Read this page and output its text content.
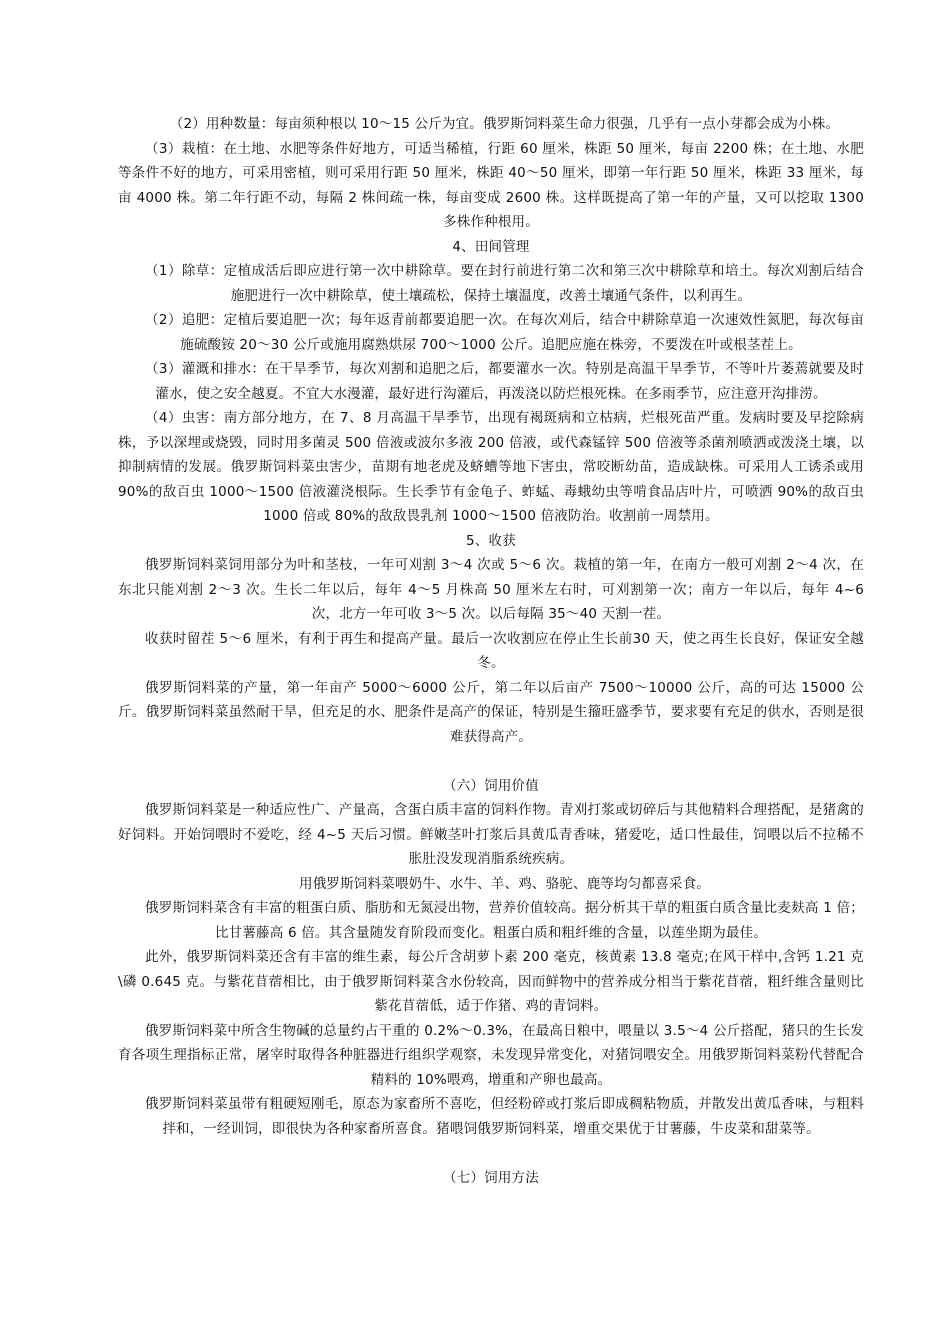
（2）用种数量：每亩须种根以 10～15 公斤为宜。俄罗斯饲料菜生命力很强，几乎有一点小芽都会成为小株。

（3）栽植：在土地、水肥等条件好地方，可适当稀植，行距 60 厘米，株距 50 厘米，每亩 2200 株；在土地、水肥等条件不好的地方，可采用密植，则可采用行距 50 厘米，株距 40～50 厘米，即第一年行距 50 厘米，株距 33 厘米，每亩 4000 株。第二年行距不动，每隔 2 株间疏一株，每亩变成 2600 株。这样既提高了第一年的产量，又可以挖取 1300 多株作种根用。

4、田间管理

（1）除草：定植成活后即应进行第一次中耕除草。要在封行前进行第二次和第三次中耕除草和培土。每次刈割后结合施肥进行一次中耕除草，使土壤疏松，保持土壤温度，改善土壤通气条件，以利再生。

（2）追肥：定植后要追肥一次；每年返青前都要追肥一次。在每次刈后，结合中耕除草追一次速效性氮肥，每次每亩施硫酸铵 20～30 公斤或施用腐熟烘尿 700～1000 公斤。追肥应施在株旁，不要泼在叶或根茎茬上。

（3）灌溉和排水：在干旱季节，每次刈割和追肥之后，都要灌水一次。特别是高温干旱季节，不等叶片萎蔫就要及时灌水，使之安全越夏。不宜大水漫灌，最好进行沟灌后，再泼浇以防烂根死株。在多雨季节，应注意开沟排涝。

（4）虫害：南方部分地方，在 7、8 月高温干旱季节，出现有褐斑病和立枯病，烂根死苗严重。发病时要及早挖除病株，予以深埋或烧毁，同时用多菌灵 500 倍液或波尔多液 200 倍液，或代森锰锌 500 倍液等杀菌剂喷洒或泼浇土壤，以抑制病情的发展。俄罗斯饲料菜虫害少，苗期有地老虎及蛴螬等地下害虫，常咬断幼苗，造成缺株。可采用人工诱杀或用 90%的敌百虫 1000～1500 倍液灌浇根际。生长季节有金龟子、蚱蜢、毒蛾幼虫等啃食品店叶片，可喷洒 90%的敌百虫 1000 倍或 80%的敌敌畏乳剂 1000～1500 倍液防治。收割前一周禁用。

5、收获

俄罗斯饲料菜饲用部分为叶和茎枝，一年可刈割 3～4 次或 5～6 次。栽植的第一年，在南方一般可刈割 2～4 次，在东北只能刈割 2～3 次。生长二年以后，每年 4～5 月株高 50 厘米左右时，可刈割第一次；南方一年以后，每年 4~6 次，北方一年可收 3～5 次。以后每隔 35～40 天割一茬。

收获时留茬 5～6 厘米，有利于再生和提高产量。最后一次收割应在停止生长前30 天，使之再生长良好，保证安全越冬。

俄罗斯饲料菜的产量，第一年亩产 5000～6000 公斤，第二年以后亩产 7500～10000 公斤，高的可达 15000 公斤。俄罗斯饲料菜虽然耐干旱，但充足的水、肥条件是高产的保证，特别是生籀旺盛季节，要求要有充足的供水，否则是很难获得高产。

（六）饲用价值

俄罗斯饲料菜是一种适应性广、产量高，含蛋白质丰富的饲料作物。青刈打浆或切碎后与其他精料合理搭配，是猪禽的好饲料。开始饲喂时不爱吃，经 4~5 天后习惯。鲜嫩茎叶打浆后具黄瓜青香味，猪爱吃，适口性最佳，饲喂以后不拉稀不胀肚没发现消脂系统疾病。

用俄罗斯饲料菜喂奶牛、水牛、羊、鸡、骆驼、鹿等均匀都喜采食。

俄罗斯饲料菜含有丰富的粗蛋白质、脂肪和无氮浸出物，营养价值较高。据分析其干草的粗蛋白质含量比麦麸高 1 倍；比甘薯藤高 6 倍。其含量随发育阶段而变化。粗蛋白质和粗纤维的含量，以莲坐期为最佳。

此外，俄罗斯饲料菜还含有丰富的维生素，每公斤含胡萝卜素 200 毫克，核黄素 13.8 毫克;在风干样中,含钙 1.21 克\磷 0.645 克。与紫花苜蓿相比，由于俄罗斯饲料菜含水份较高，因而鲜物中的营养成分相当于紫花苜蓿，粗纤维含量则比紫花苜蓿低，适于作猪、鸡的青饲料。

俄罗斯饲料菜中所含生物碱的总量约占干重的 0.2%～0.3%，在最高日粮中，喂量以 3.5～4 公斤搭配，猪只的生长发育各项生理指标正常，屠宰时取得各种脏器进行组织学观察，未发现异常变化，对猪饲喂安全。用俄罗斯饲料菜粉代替配合精料的 10%喂鸡，增重和产卵也最高。

俄罗斯饲料菜虽带有粗硬短刚毛，原态为家畜所不喜吃，但经粉碎或打浆后即成稠粘物质，并散发出黄瓜香味，与粗料拌和，一经训饲，即很快为各种家畜所喜食。猪喂饲俄罗斯饲料菜，增重交果优于甘薯藤，牛皮菜和甜菜等。

（七）饲用方法
